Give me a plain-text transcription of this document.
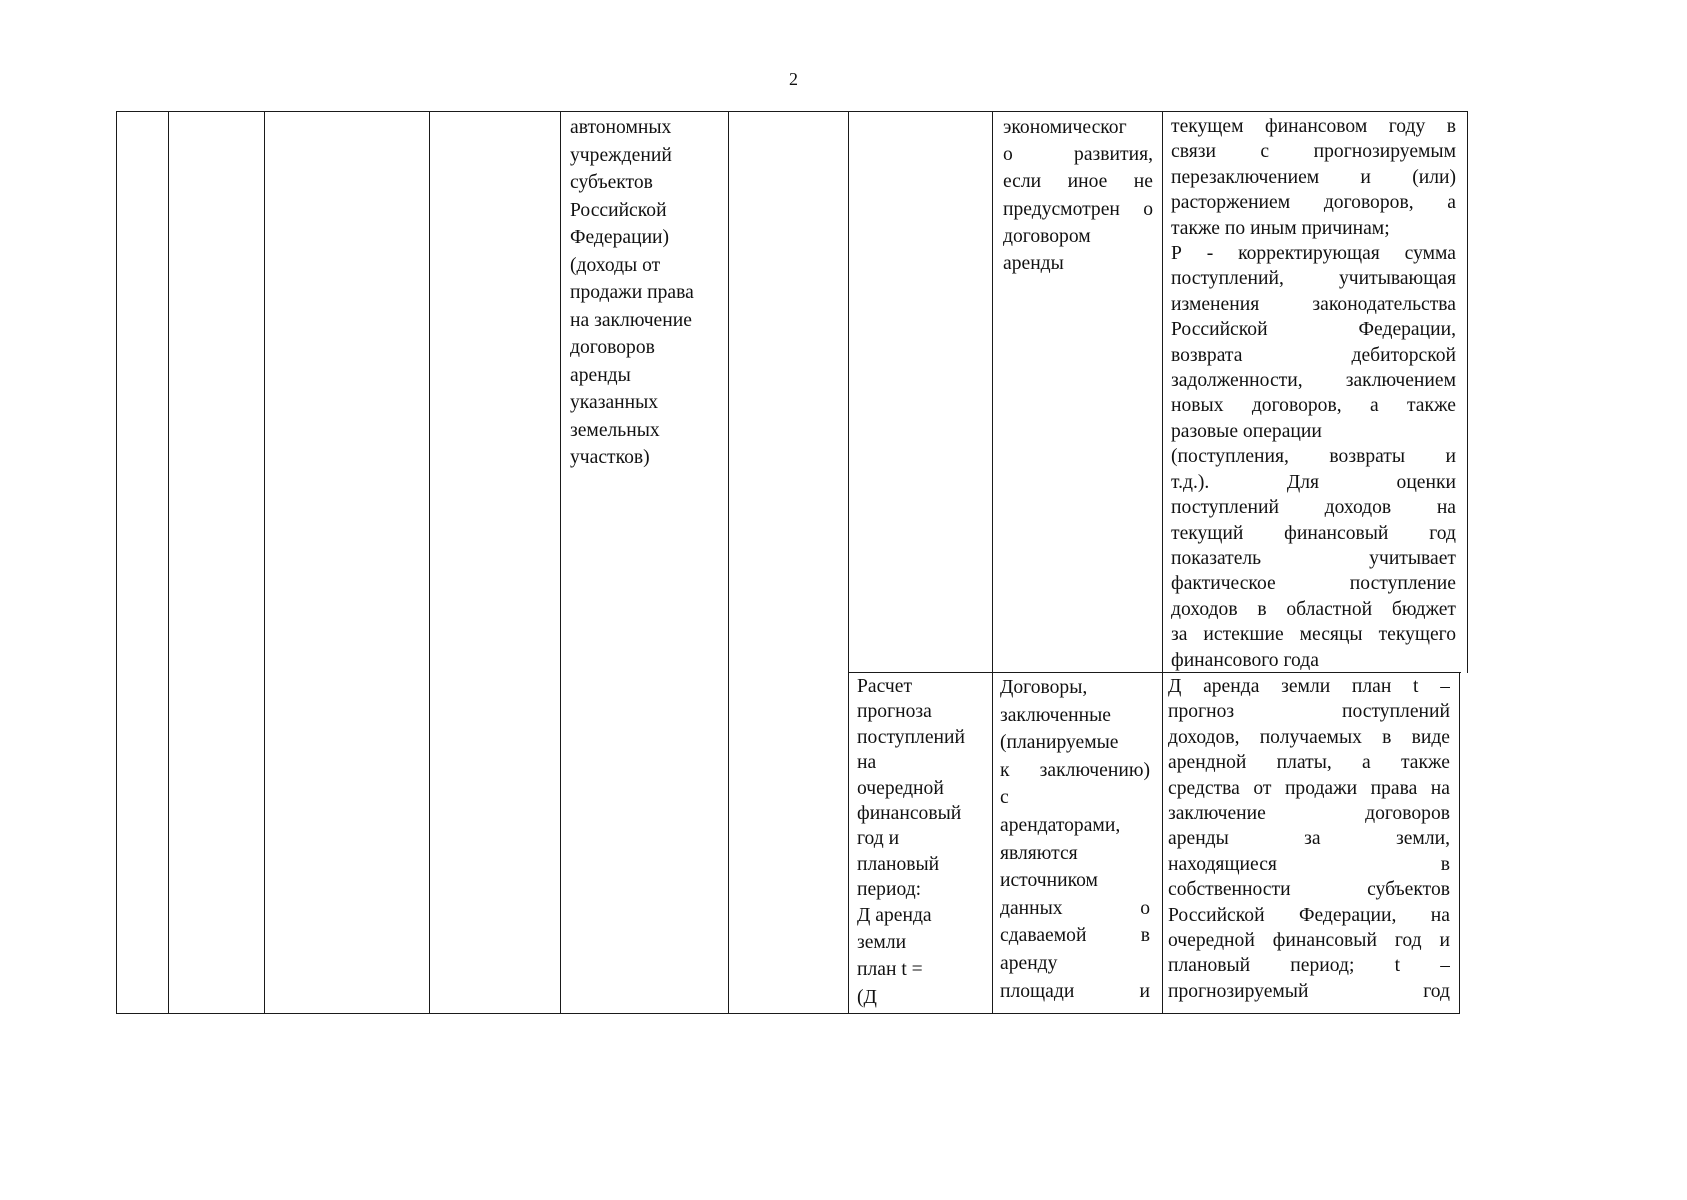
2

автономных

учреждений

субъектов

Российской

Федерации)

(доходы от

продажи права

на заключение

договоров

аренды

указанных

земельных

участков)

экономическог

о развития,

если иное не

предусмотрен о

договором

аренды

текущем финансовом году в

связи с прогнозируемым

перезаключением и (или)

расторжением договоров, а

также по иным причинам;

Р - корректирующая сумма

поступлений, учитывающая

изменения законодательства

Российской Федерации,

возврата дебиторской

задолженности, заключением

новых договоров, а также

разовые операции

(поступления, возвраты и

т.д.). Для оценки

поступлений доходов на

текущий финансовый год

показатель учитывает

фактическое поступление

доходов в областной бюджет

за истекшие месяцы текущего

финансового года

Расчет

прогноза

поступлений

на

очередной

финансовый

год и

плановый

период:

Д аренда

земли

план t =

(Д

Договоры,

заключенные

(планируемые

к заключению)

с

арендаторами,

являются

источником

данных о

сдаваемой в

аренду

площади и

Д аренда земли план t –

прогноз поступлений

доходов, получаемых в виде

арендной платы, а также

средства от продажи права на

заключение договоров

аренды за земли,

находящиеся в

собственности субъектов

Российской Федерации, на

очередной финансовый год и

плановый период; t –

прогнозируемый год
